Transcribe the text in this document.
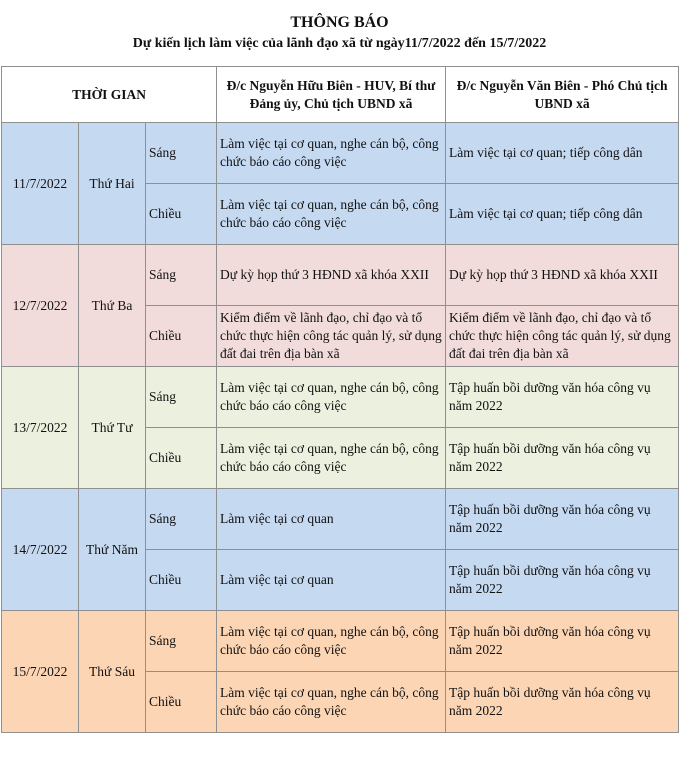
THÔNG BÁO
Dự kiến lịch làm việc của lãnh đạo xã từ ngày11/7/2022 đến 15/7/2022
THỜI GIAN			Đ/c Nguyễn Hữu Biên - HUV, Bí thư Đảng ủy, Chủ tịch UBND xã	Đ/c Nguyễn Văn Biên - Phó Chủ tịch UBND xã
11/7/2022	Thứ Hai	Sáng	Làm việc tại cơ quan, nghe cán bộ, công chức báo cáo công việc	Làm việc tại cơ quan; tiếp công dân
		Chiều	Làm việc tại cơ quan, nghe cán bộ, công chức báo cáo công việc	Làm việc tại cơ quan; tiếp công dân
12/7/2022	Thứ Ba	Sáng	Dự kỳ họp thứ 3 HĐND xã khóa XXII	Dự kỳ họp thứ 3 HĐND xã khóa XXII
		Chiều	Kiểm điểm về lãnh đạo, chỉ đạo và tổ chức thực hiện công tác quản lý, sử dụng đất đai trên địa bàn xã	Kiểm điểm về lãnh đạo, chỉ đạo và tổ chức thực hiện công tác quản lý, sử dụng đất đai trên địa bàn xã
13/7/2022	Thứ Tư	Sáng	Làm việc tại cơ quan, nghe cán bộ, công chức báo cáo công việc	Tập huấn bồi dưỡng văn hóa công vụ năm 2022
		Chiều	Làm việc tại cơ quan, nghe cán bộ, công chức báo cáo công việc	Tập huấn bồi dưỡng văn hóa công vụ năm 2022
14/7/2022	Thứ Năm	Sáng	Làm việc tại cơ quan	Tập huấn bồi dưỡng văn hóa công vụ năm 2022
		Chiều	Làm việc tại cơ quan	Tập huấn bồi dưỡng văn hóa công vụ năm 2022
15/7/2022	Thứ Sáu	Sáng	Làm việc tại cơ quan, nghe cán bộ, công chức báo cáo công việc	Tập huấn bồi dưỡng văn hóa công vụ năm 2022
		Chiều	Làm việc tại cơ quan, nghe cán bộ, công chức báo cáo công việc	Tập huấn bồi dưỡng văn hóa công vụ năm 2022
